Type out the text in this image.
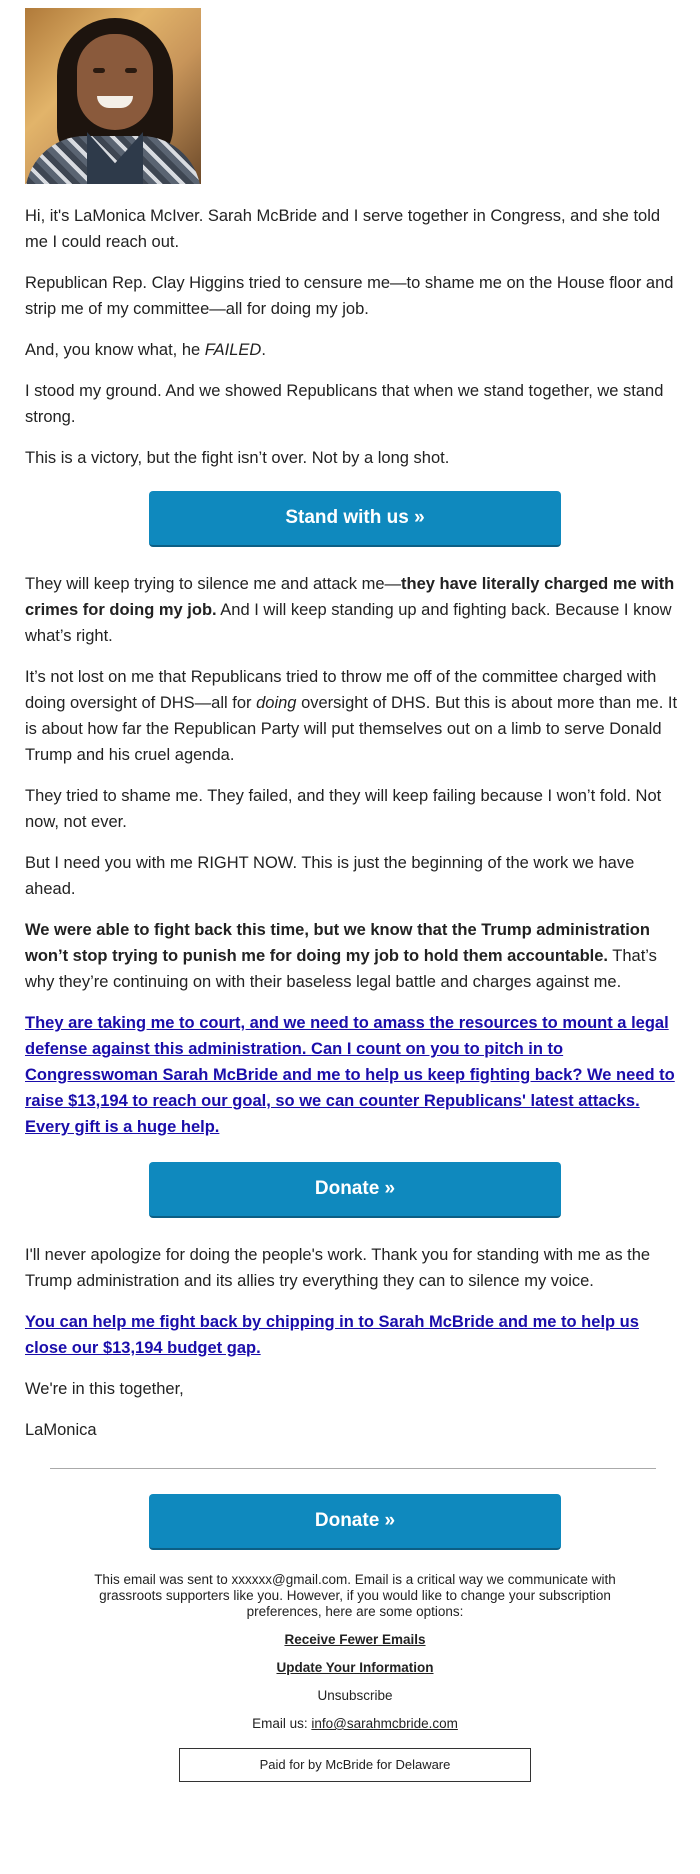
Hi, it's LaMonica McIver. Sarah McBride and I serve together in Congress, and she told me I could reach out.

Republican Rep. Clay Higgins tried to censure me—to shame me on the House floor and strip me of my committee—all for doing my job.

And, you know what, he FAILED.

I stood my ground. And we showed Republicans that when we stand together, we stand strong.

This is a victory, but the fight isn’t over. Not by a long shot.

Stand with us »

They will keep trying to silence me and attack me—they have literally charged me with crimes for doing my job. And I will keep standing up and fighting back. Because I know what’s right.

It’s not lost on me that Republicans tried to throw me off of the committee charged with doing oversight of DHS—all for doing oversight of DHS. But this is about more than me. It is about how far the Republican Party will put themselves out on a limb to serve Donald Trump and his cruel agenda.

They tried to shame me. They failed, and they will keep failing because I won’t fold. Not now, not ever.

But I need you with me RIGHT NOW. This is just the beginning of the work we have ahead.

We were able to fight back this time, but we know that the Trump administration won’t stop trying to punish me for doing my job to hold them accountable. That’s why they’re continuing on with their baseless legal battle and charges against me.

They are taking me to court, and we need to amass the resources to mount a legal defense against this administration. Can I count on you to pitch in to Congresswoman Sarah McBride and me to help us keep fighting back? We need to raise $13,194 to reach our goal, so we can counter Republicans' latest attacks. Every gift is a huge help.

Donate »

I'll never apologize for doing the people's work. Thank you for standing with me as the Trump administration and its allies try everything they can to silence my voice.

You can help me fight back by chipping in to Sarah McBride and me to help us close our $13,194 budget gap.

We're in this together,

LaMonica

Donate »

This email was sent to xxxxxx@gmail.com. Email is a critical way we communicate with grassroots supporters like you. However, if you would like to change your subscription preferences, here are some options:

Receive Fewer Emails

Update Your Information

Unsubscribe

Email us: info@sarahmcbride.com

Paid for by McBride for Delaware
